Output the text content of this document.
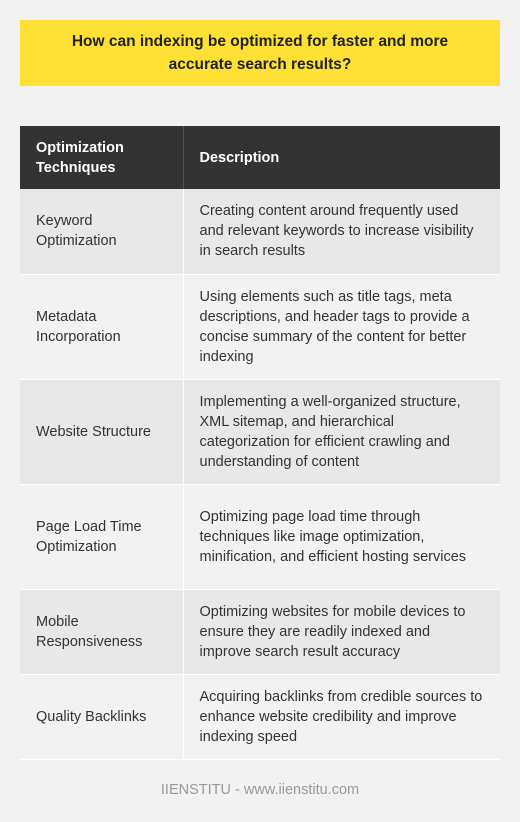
How can indexing be optimized for faster and more accurate search results?
Optimization Techniques	Description
Keyword Optimization	Creating content around frequently used and relevant keywords to increase visibility in search results
Metadata Incorporation	Using elements such as title tags, meta descriptions, and header tags to provide a concise summary of the content for better indexing
Website Structure	Implementing a well-organized structure, XML sitemap, and hierarchical categorization for efficient crawling and understanding of content
Page Load Time Optimization	Optimizing page load time through techniques like image optimization, minification, and efficient hosting services
Mobile Responsiveness	Optimizing websites for mobile devices to ensure they are readily indexed and improve search result accuracy
Quality Backlinks	Acquiring backlinks from credible sources to enhance website credibility and improve indexing speed
IIENSTITU - www.iienstitu.com
